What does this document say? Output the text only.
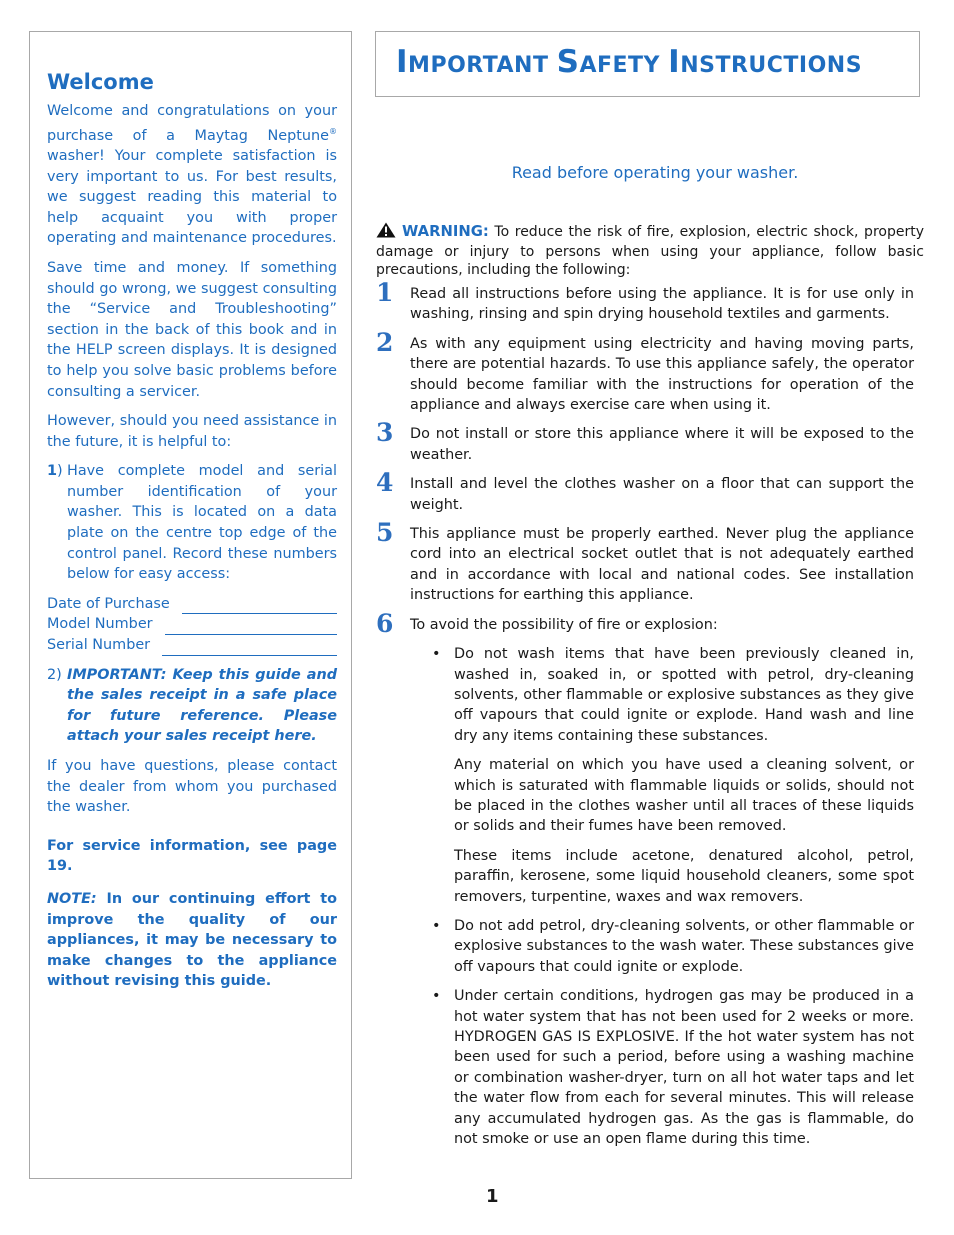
Welcome

Welcome and congratulations on your purchase of a Maytag Neptune® washer! Your complete satisfaction is very important to us. For best results, we suggest reading this material to help acquaint you with proper operating and maintenance procedures.

Save time and money. If something should go wrong, we suggest consulting the “Service and Troubleshooting” section in the back of this book and in the HELP screen displays. It is designed to help you solve basic problems before consulting a servicer.

However, should you need assistance in the future, it is helpful to:

1) Have complete model and serial number identification of your washer. This is located on a data plate on the centre top edge of the control panel. Record these numbers below for easy access:
Date of Purchase
Model Number
Serial Number
2) IMPORTANT: Keep this guide and the sales receipt in a safe place for future reference. Please attach your sales receipt here.

If you have questions, please contact the dealer from whom you purchased the washer.

For service information, see page 19.

NOTE: In our continuing effort to improve the quality of our appliances, it may be necessary to make changes to the appliance without revising this guide.

IMPORTANT SAFETY INSTRUCTIONS
Read before operating your washer.
WARNING: To reduce the risk of fire, explosion, electric shock, property damage or injury to persons when using your appliance, follow basic precautions, including the following:
1 Read all instructions before using the appliance. It is for use only in washing, rinsing and spin drying household textiles and garments.
2 As with any equipment using electricity and having moving parts, there are potential hazards. To use this appliance safely, the operator should become familiar with the instructions for operation of the appliance and always exercise care when using it.
3 Do not install or store this appliance where it will be exposed to the weather.
4 Install and level the clothes washer on a floor that can support the weight.
5 This appliance must be properly earthed. Never plug the appliance cord into an electrical socket outlet that is not adequately earthed and in accordance with local and national codes. See installation instructions for earthing this appliance.
6 To avoid the possibility of fire or explosion:
• Do not wash items that have been previously cleaned in, washed in, soaked in, or spotted with petrol, dry-cleaning solvents, other flammable or explosive substances as they give off vapours that could ignite or explode. Hand wash and line dry any items containing these substances.

Any material on which you have used a cleaning solvent, or which is saturated with flammable liquids or solids, should not be placed in the clothes washer until all traces of these liquids or solids and their fumes have been removed.

These items include acetone, denatured alcohol, petrol, paraffin, kerosene, some liquid household cleaners, some spot removers, turpentine, waxes and wax removers.

• Do not add petrol, dry-cleaning solvents, or other flammable or explosive substances to the wash water. These substances give off vapours that could ignite or explode.

• Under certain conditions, hydrogen gas may be produced in a hot water system that has not been used for 2 weeks or more. HYDROGEN GAS IS EXPLOSIVE. If the hot water system has not been used for such a period, before using a washing machine or combination washer-dryer, turn on all hot water taps and let the water flow from each for several minutes. This will release any accumulated hydrogen gas. As the gas is flammable, do not smoke or use an open flame during this time.

1
